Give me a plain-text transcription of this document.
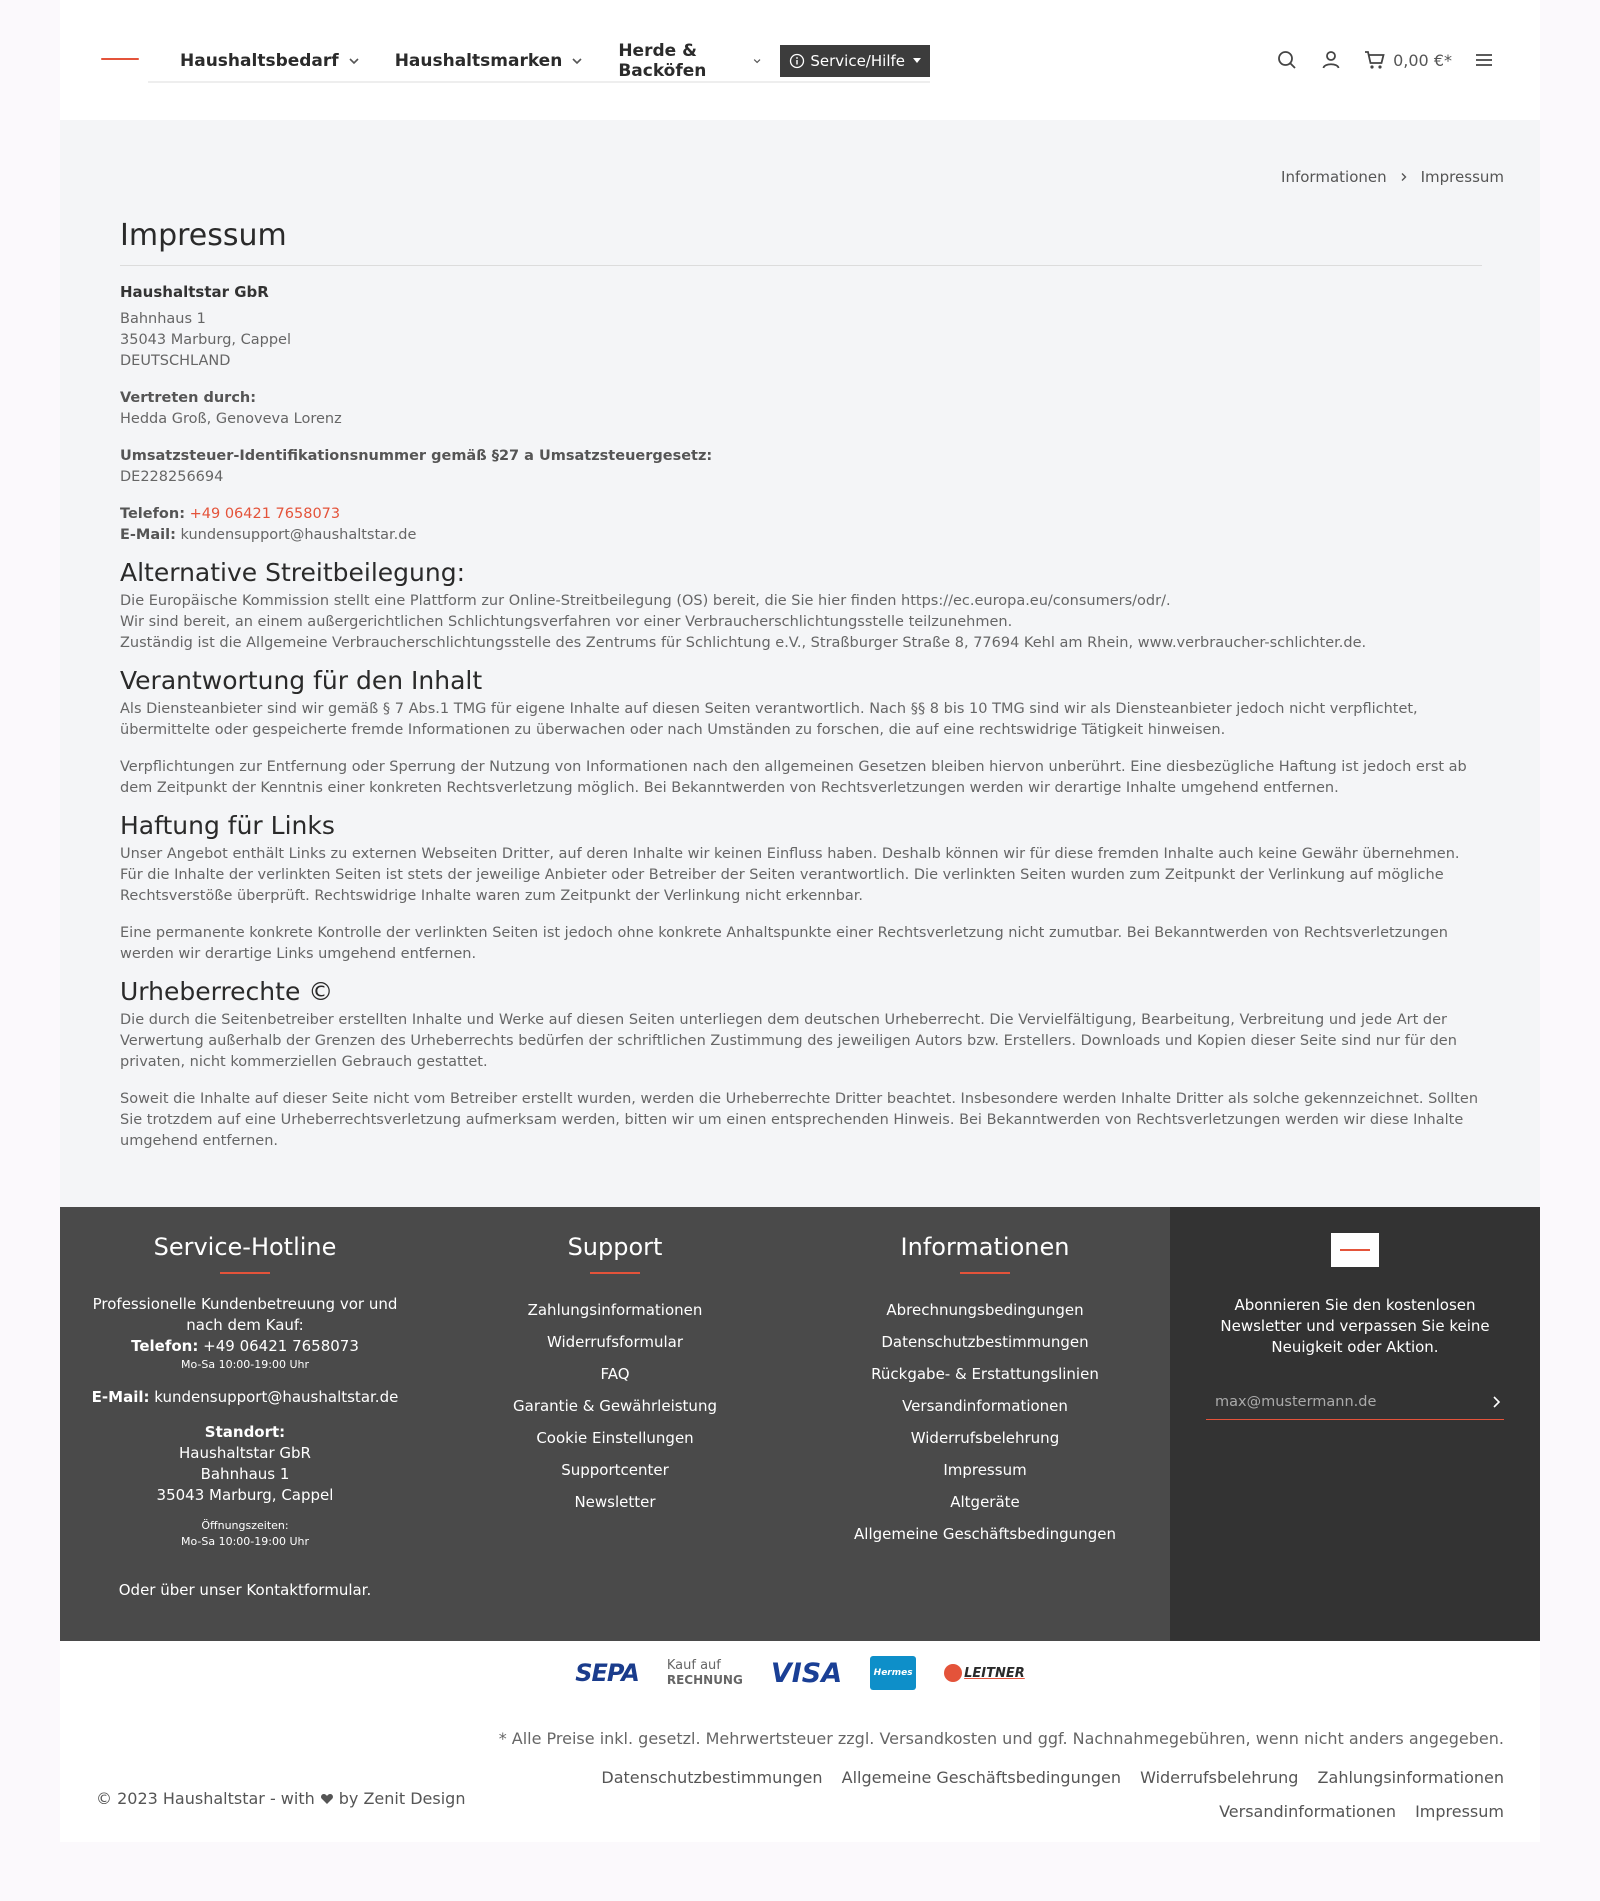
Haushaltsbedarf	Haushaltsmarken	Herde & Backöfen	Service/Hilfe	0,00 €*
Informationen Impressum
Impressum
Haushaltstar GbR
Bahnhaus 1
35043 Marburg, Cappel
DEUTSCHLAND
Vertreten durch:
Hedda Groß, Genoveva Lorenz
Umsatzsteuer-Identifikationsnummer gemäß §27 a Umsatzsteuergesetz:
DE228256694
Telefon: +49 06421 7658073
E-Mail: kundensupport@haushaltstar.de
Alternative Streitbeilegung:
Die Europäische Kommission stellt eine Plattform zur Online-Streitbeilegung (OS) bereit, die Sie hier finden https://ec.europa.eu/consumers/odr/.
Wir sind bereit, an einem außergerichtlichen Schlichtungsverfahren vor einer Verbraucherschlichtungsstelle teilzunehmen.
Zuständig ist die Allgemeine Verbraucherschlichtungsstelle des Zentrums für Schlichtung e.V., Straßburger Straße 8, 77694 Kehl am Rhein, www.verbraucher-schlichter.de.
Verantwortung für den Inhalt
Als Diensteanbieter sind wir gemäß § 7 Abs.1 TMG für eigene Inhalte auf diesen Seiten verantwortlich. Nach §§ 8 bis 10 TMG sind wir als Diensteanbieter jedoch nicht verpflichtet, übermittelte oder gespeicherte fremde Informationen zu überwachen oder nach Umständen zu forschen, die auf eine rechtswidrige Tätigkeit hinweisen.
Verpflichtungen zur Entfernung oder Sperrung der Nutzung von Informationen nach den allgemeinen Gesetzen bleiben hiervon unberührt. Eine diesbezügliche Haftung ist jedoch erst ab dem Zeitpunkt der Kenntnis einer konkreten Rechtsverletzung möglich. Bei Bekanntwerden von Rechtsverletzungen werden wir derartige Inhalte umgehend entfernen.
Haftung für Links
Unser Angebot enthält Links zu externen Webseiten Dritter, auf deren Inhalte wir keinen Einfluss haben. Deshalb können wir für diese fremden Inhalte auch keine Gewähr übernehmen. Für die Inhalte der verlinkten Seiten ist stets der jeweilige Anbieter oder Betreiber der Seiten verantwortlich. Die verlinkten Seiten wurden zum Zeitpunkt der Verlinkung auf mögliche Rechtsverstöße überprüft. Rechtswidrige Inhalte waren zum Zeitpunkt der Verlinkung nicht erkennbar.
Eine permanente konkrete Kontrolle der verlinkten Seiten ist jedoch ohne konkrete Anhaltspunkte einer Rechtsverletzung nicht zumutbar. Bei Bekanntwerden von Rechtsverletzungen werden wir derartige Links umgehend entfernen.
Urheberrechte ©
Die durch die Seitenbetreiber erstellten Inhalte und Werke auf diesen Seiten unterliegen dem deutschen Urheberrecht. Die Vervielfältigung, Bearbeitung, Verbreitung und jede Art der Verwertung außerhalb der Grenzen des Urheberrechts bedürfen der schriftlichen Zustimmung des jeweiligen Autors bzw. Erstellers. Downloads und Kopien dieser Seite sind nur für den privaten, nicht kommerziellen Gebrauch gestattet.
Soweit die Inhalte auf dieser Seite nicht vom Betreiber erstellt wurden, werden die Urheberrechte Dritter beachtet. Insbesondere werden Inhalte Dritter als solche gekennzeichnet. Sollten Sie trotzdem auf eine Urheberrechtsverletzung aufmerksam werden, bitten wir um einen entsprechenden Hinweis. Bei Bekanntwerden von Rechtsverletzungen werden wir diese Inhalte umgehend entfernen.
Service-Hotline
Professionelle Kundenbetreuung vor und nach dem Kauf:
Telefon: +49 06421 7658073
Mo-Sa 10:00-19:00 Uhr
E-Mail: kundensupport@haushaltstar.de
Standort:
Haushaltstar GbR
Bahnhaus 1
35043 Marburg, Cappel
Öffnungszeiten:
Mo-Sa 10:00-19:00 Uhr
Oder über unser Kontaktformular.
Support
Zahlungsinformationen
Widerrufsformular
FAQ
Garantie & Gewährleistung
Cookie Einstellungen
Supportcenter
Newsletter
Informationen
Abrechnungsbedingungen
Datenschutzbestimmungen
Rückgabe- & Erstattungslinien
Versandinformationen
Widerrufsbelehrung
Impressum
Altgeräte
Allgemeine Geschäftsbedingungen
Abonnieren Sie den kostenlosen Newsletter und verpassen Sie keine Neuigkeit oder Aktion.
max@mustermann.de
SEPA Kauf auf
RECHNUNG VISA	Hermes	LEITNER
* Alle Preise inkl. gesetzl. Mehrwertsteuer zzgl. Versandkosten und ggf. Nachnahmegebühren, wenn nicht anders angegeben.
Datenschutzbestimmungen Allgemeine Geschäftsbedingungen Widerrufsbelehrung Zahlungsinformationen
Versandinformationen Impressum
© 2023 Haushaltstar - with by Zenit Design
